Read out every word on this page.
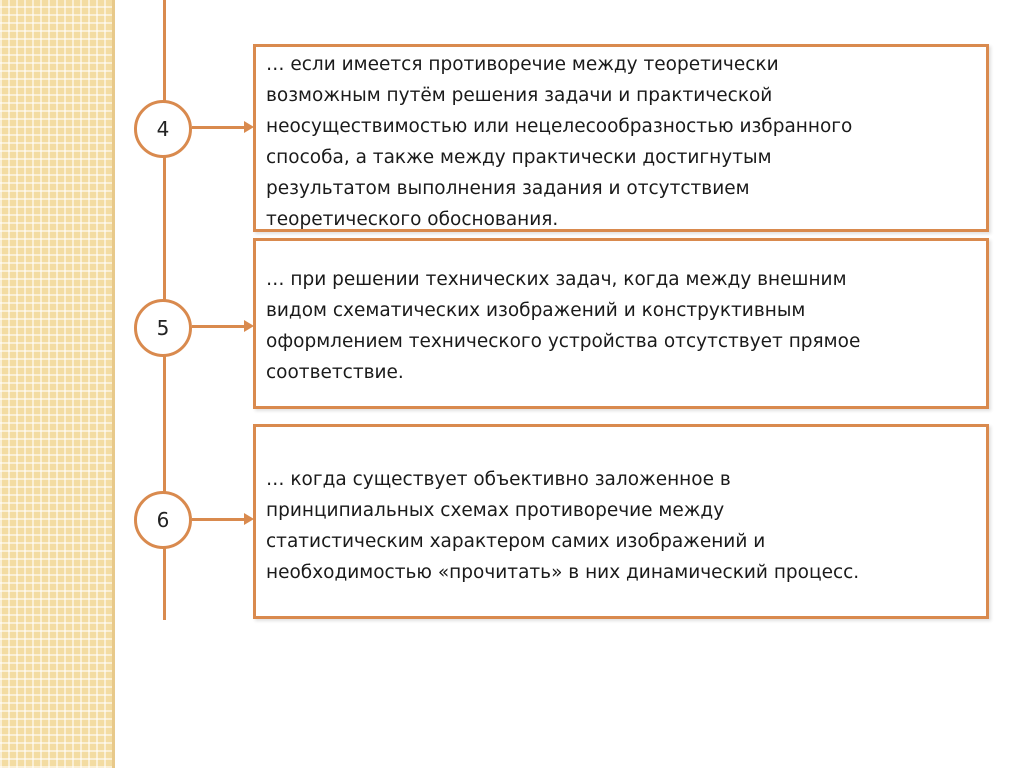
4
… если имеется противоречие между теоретически
возможным путём решения задачи и практической
неосуществимостью или нецелесообразностью избранного
способа, а также между практически достигнутым
результатом выполнения задания и отсутствием
теоретического обоснования.
5
… при решении технических задач, когда между внешним
видом схематических изображений и конструктивным
оформлением технического устройства отсутствует прямое
соответствие.
6
… когда существует объективно заложенное в
принципиальных схемах противоречие между
статистическим характером самих изображений и
необходимостью «прочитать» в них динамический процесс.
